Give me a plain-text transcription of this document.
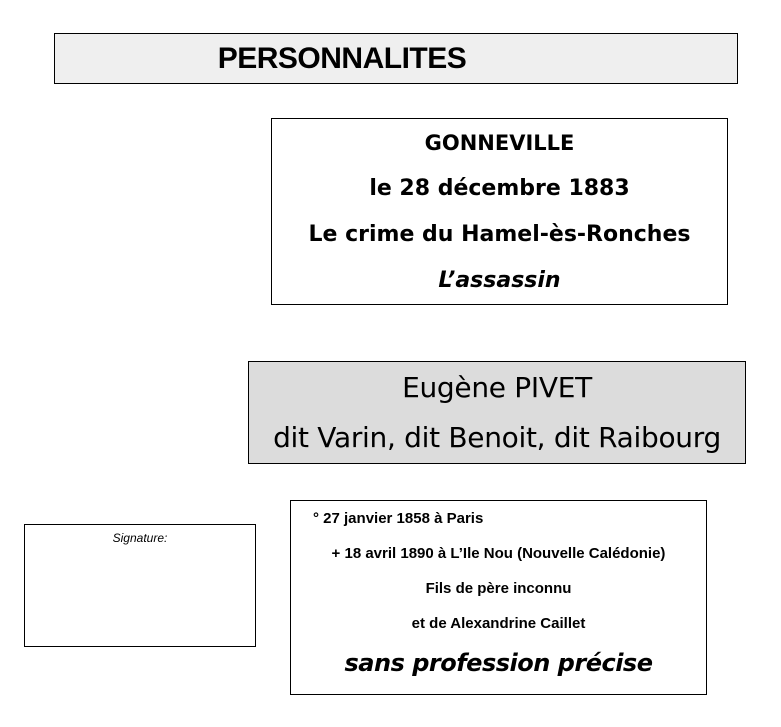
PERSONNALITES
GONNEVILLE
le 28 décembre 1883
Le crime du Hamel-ès-Ronches
L’assassin
Eugène PIVET
dit Varin, dit Benoit, dit Raibourg
Signature:
° 27 janvier 1858 à Paris
+ 18 avril 1890 à L’Ile Nou (Nouvelle Calédonie)
Fils de père inconnu
et de Alexandrine Caillet
sans profession précise
